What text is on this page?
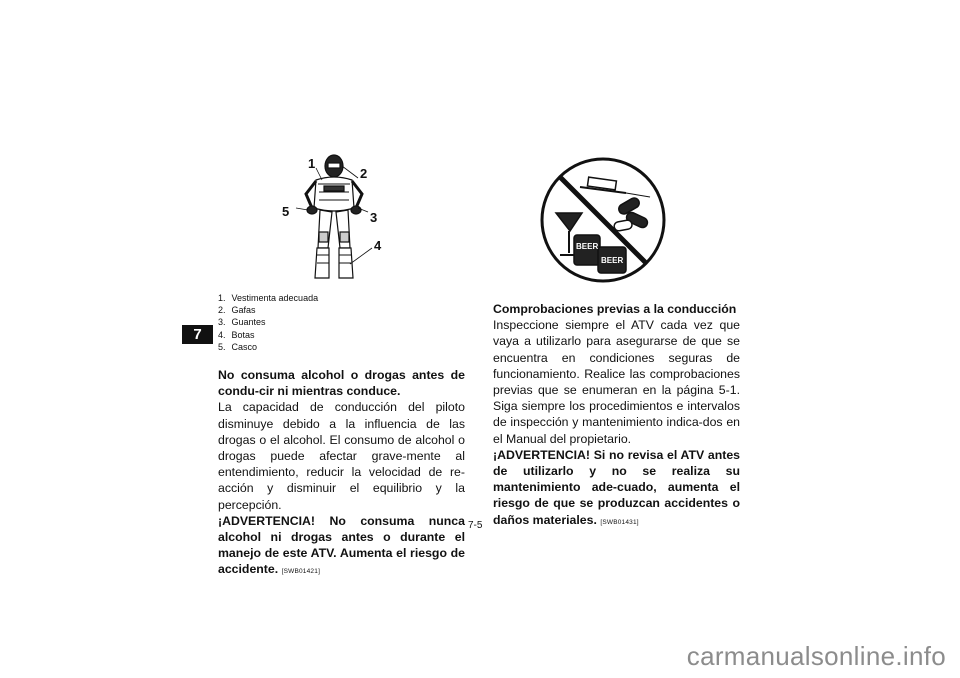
7
1
2
3
4
5
BEER
BEER
1. Vestimenta adecuada
2. Gafas
3. Guantes
4. Botas
5. Casco

No consuma alcohol o drogas antes de condu-cir ni mientras conduce.

La capacidad de conducción del piloto disminuye debido a la influencia de las drogas o el alcohol. El consumo de alcohol o drogas puede afectar grave-mente al entendimiento, reducir la velocidad de re-acción y disminuir el equilibrio y la percepción.

¡ADVERTENCIA! No consuma nunca alcohol ni drogas antes o durante el manejo de este ATV. Aumenta el riesgo de accidente. [SWB01421]

Comprobaciones previas a la conducción

Inspeccione siempre el ATV cada vez que vaya a utilizarlo para asegurarse de que se encuentra en condiciones seguras de funcionamiento. Realice las comprobaciones previas que se enumeran en la página 5-1. Siga siempre los procedimientos e intervalos de inspección y mantenimiento indica-dos en el Manual del propietario.

¡ADVERTENCIA! Si no revisa el ATV antes de utilizarlo y no se realiza su mantenimiento ade-cuado, aumenta el riesgo de que se produzcan accidentes o daños materiales. [SWB01431]

7-5
carmanualsonline.info
